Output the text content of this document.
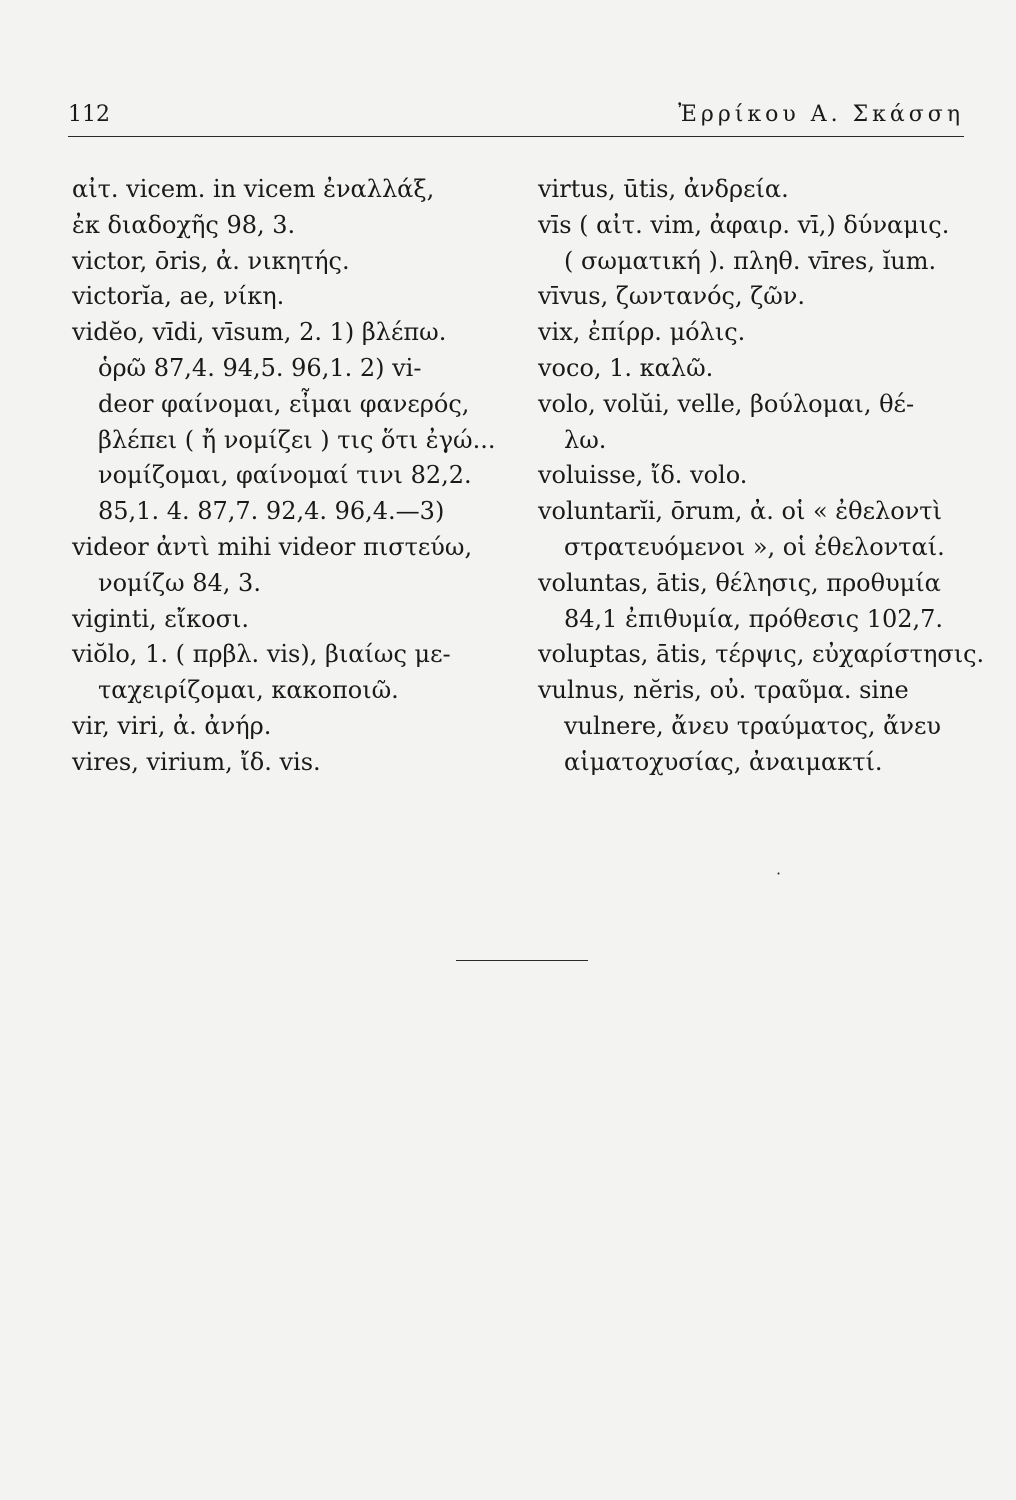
112	Ἐρρίκου Α. Σκάσση
αἰτ. vicem. in vicem ἐναλλάξ,
ἐκ διαδοχῆς 98, 3.
victor, ōris, ἀ. νικητής.
victorĭa, ae, νίκη.
vidĕo, vīdi, vīsum, 2. 1) βλέπω.
ὁρῶ 87,4. 94,5. 96,1. 2) vi-
deor φαίνομαι, εἶμαι φανερός,
βλέπει ( ἤ νομίζει ) τις ὅτι ἐγώ...
νομίζομαι, φαίνομαί τινι 82,2.
85,1. 4. 87,7. 92,4. 96,4.—3)
videor ἀντὶ mihi videor πιστεύω,
νομίζω 84, 3.
viginti, εἴκοσι.
viŏlo, 1. ( πρβλ. vis), βιαίως με-
ταχειρίζομαι, κακοποιῶ.
vir, viri, ἀ. ἀνήρ.
vires, virium, ἴδ. vis.
virtus, ūtis, ἀνδρεία.
vīs ( αἰτ. vim, ἀφαιρ. vī,) δύναμις.
( σωματική ). πληθ. vīres, ĭum.
vīvus, ζωντανός, ζῶν.
vix, ἐπίρρ. μόλις.
voco, 1. καλῶ.
volo, volŭi, velle, βούλομαι, θέ-
λω.
voluisse, ἴδ. volo.
voluntarĭi, ōrum, ἀ. οἱ « ἐθελοντὶ
στρατευόμενοι », οἱ ἐθελονταί.
voluntas, ātis, θέλησις, προθυμία
84,1 ἐπιθυμία, πρόθεσις 102,7.
voluptas, ātis, τέρψις, εὐχαρίστησις.
vulnus, nĕris, οὐ. τραῦμα. sine
vulnere, ἄνευ τραύματος, ἄνευ
αἱματοχυσίας, ἀναιμακτί.
·
